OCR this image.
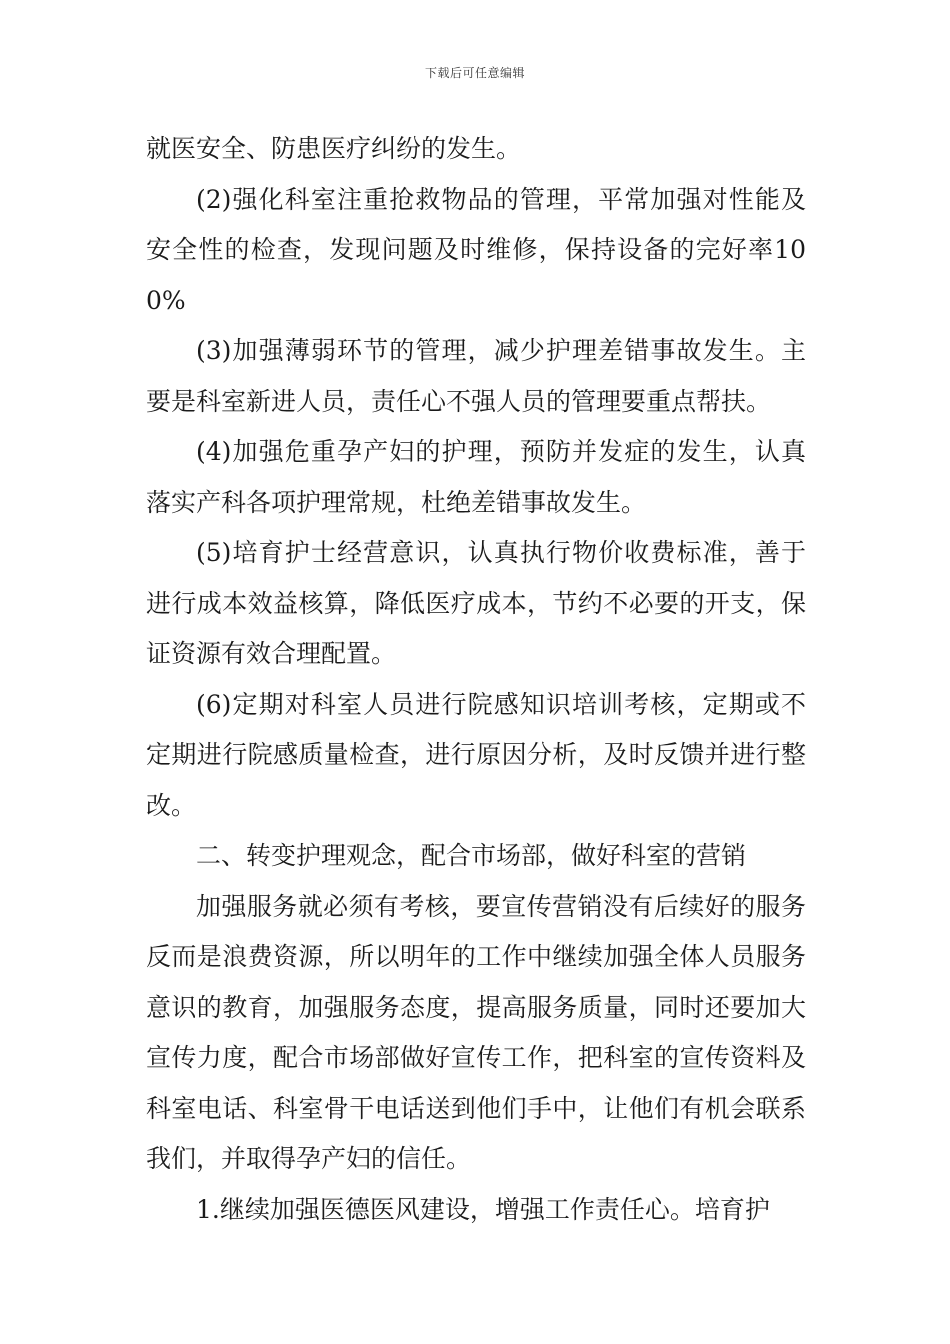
下载后可任意编辑

就医安全、防患医疗纠纷的发生。

(2)强化科室注重抢救物品的管理，平常加强对性能及安全性的检查，发现问题及时维修，保持设备的完好率100%

(3)加强薄弱环节的管理，减少护理差错事故发生。主要是科室新进人员，责任心不强人员的管理要重点帮扶。

(4)加强危重孕产妇的护理，预防并发症的发生，认真落实产科各项护理常规，杜绝差错事故发生。

(5)培育护士经营意识，认真执行物价收费标准，善于进行成本效益核算，降低医疗成本，节约不必要的开支，保证资源有效合理配置。

(6)定期对科室人员进行院感知识培训考核，定期或不定期进行院感质量检查，进行原因分析，及时反馈并进行整改。

二、转变护理观念，配合市场部，做好科室的营销

加强服务就必须有考核，要宣传营销没有后续好的服务反而是浪费资源，所以明年的工作中继续加强全体人员服务意识的教育，加强服务态度，提高服务质量，同时还要加大宣传力度，配合市场部做好宣传工作，把科室的宣传资料及科室电话、科室骨干电话送到他们手中，让他们有机会联系我们，并取得孕产妇的信任。

1.继续加强医德医风建设，增强工作责任心。培育护
